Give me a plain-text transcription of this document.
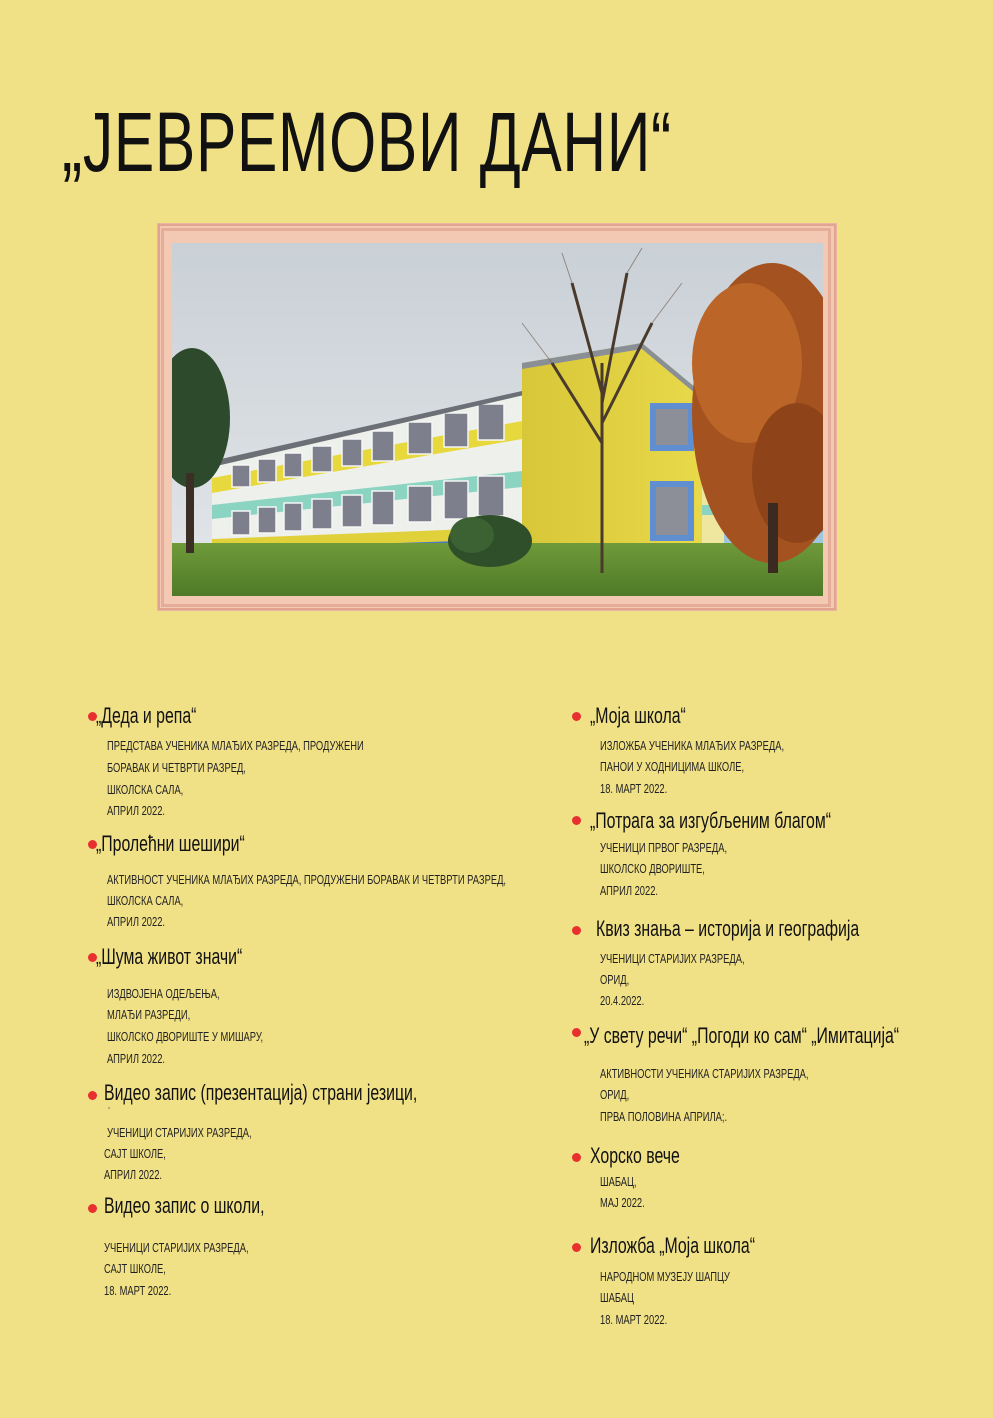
„ЈЕВРЕМОВИ ДАНИ“
„Деда и репа“
ПРЕДСТАВА УЧЕНИКА МЛАЂИХ РАЗРЕДА, ПРОДУЖЕНИ
БОРАВАК И ЧЕТВРТИ РАЗРЕД,
ШКОЛСКА САЛА,
АПРИЛ 2022.
„Пролећни шешири“
АКТИВНОСТ УЧЕНИКА МЛАЂИХ РАЗРЕДА, ПРОДУЖЕНИ БОРАВАК И ЧЕТВРТИ РАЗРЕД,
ШКОЛСКА САЛА,
АПРИЛ 2022.
„Шума живот значи“
ИЗДВОЈЕНА ОДЕЉЕЊА,
МЛАЂИ РАЗРЕДИ,
ШКОЛСКО ДВОРИШТЕ У МИШАРУ,
АПРИЛ 2022.
Видео запис (презентација) страни језици,
'
УЧЕНИЦИ СТАРИЈИХ РАЗРЕДА,
САЈТ ШКОЛЕ,
АПРИЛ 2022.
Видео запис о школи,
УЧЕНИЦИ СТАРИЈИХ РАЗРЕДА,
САЈТ ШКОЛЕ,
18. МАРТ 2022.
„Моја школа“
ИЗЛОЖБА УЧЕНИКА МЛАЂИХ РАЗРЕДА,
ПАНОИ У ХОДНИЦИМА ШКОЛЕ,
18. МАРТ 2022.
„Потрага за изгубљеним благом“
УЧЕНИЦИ ПРВОГ РАЗРЕДА,
ШКОЛСКО ДВОРИШТЕ,
АПРИЛ 2022.
Квиз знања – историја и географија
УЧЕНИЦИ СТАРИЈИХ РАЗРЕДА,
ОРИД,
20.4.2022.
„У свету речи“ „Погоди ко сам“ „Имитација“
АКТИВНОСТИ УЧЕНИКА СТАРИЈИХ РАЗРЕДА,
ОРИД,
ПРВА ПОЛОВИНА АПРИЛА;.
Хорско вече
ШАБАЦ,
МАЈ 2022.
Изложба „Моја школа“
НАРОДНОМ МУЗЕЈУ ШАПЦУ
ШАБАЦ
18. МАРТ 2022.
